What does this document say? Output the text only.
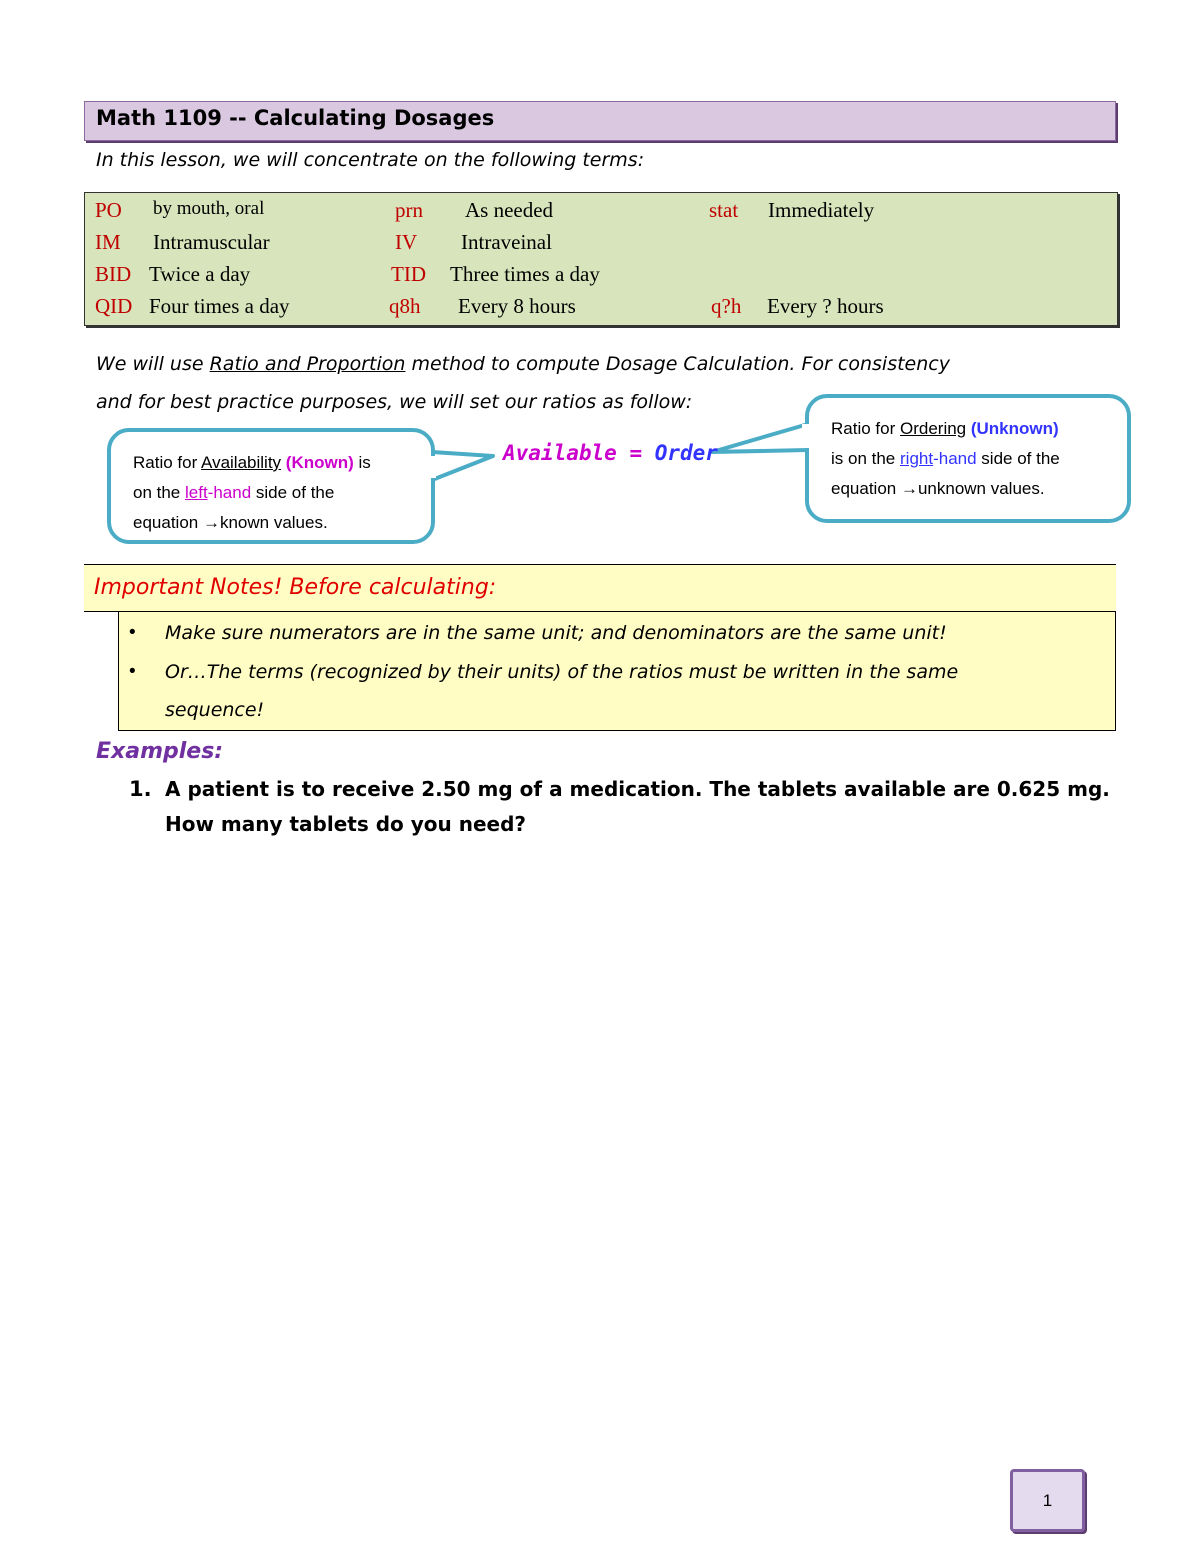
Math 1109 -- Calculating Dosages
In this lesson, we will concentrate on the following terms:
PO by mouth, oral	prn As needed	stat Immediately
IM Intramuscular	IV Intraveinal
BID Twice a day	TID Three times a day
QID Four times a day	q8h Every 8 hours	q?h Every ? hours
We will use Ratio and Proportion method to compute Dosage Calculation. For consistency
and for best practice purposes, we will set our ratios as follow:
Ratio for Availability (Known) is
on the left-hand side of the
equation →known values.
Ratio for Ordering (Unknown)
is on the right-hand side of the
equation →unknown values.
Available = Order
Important Notes! Before calculating:
• Make sure numerators are in the same unit; and denominators are the same unit!
• Or…The terms (recognized by their units) of the ratios must be written in the same
sequence!
Examples:
1. A patient is to receive 2.50 mg of a medication. The tablets available are 0.625 mg.
How many tablets do you need?
1
